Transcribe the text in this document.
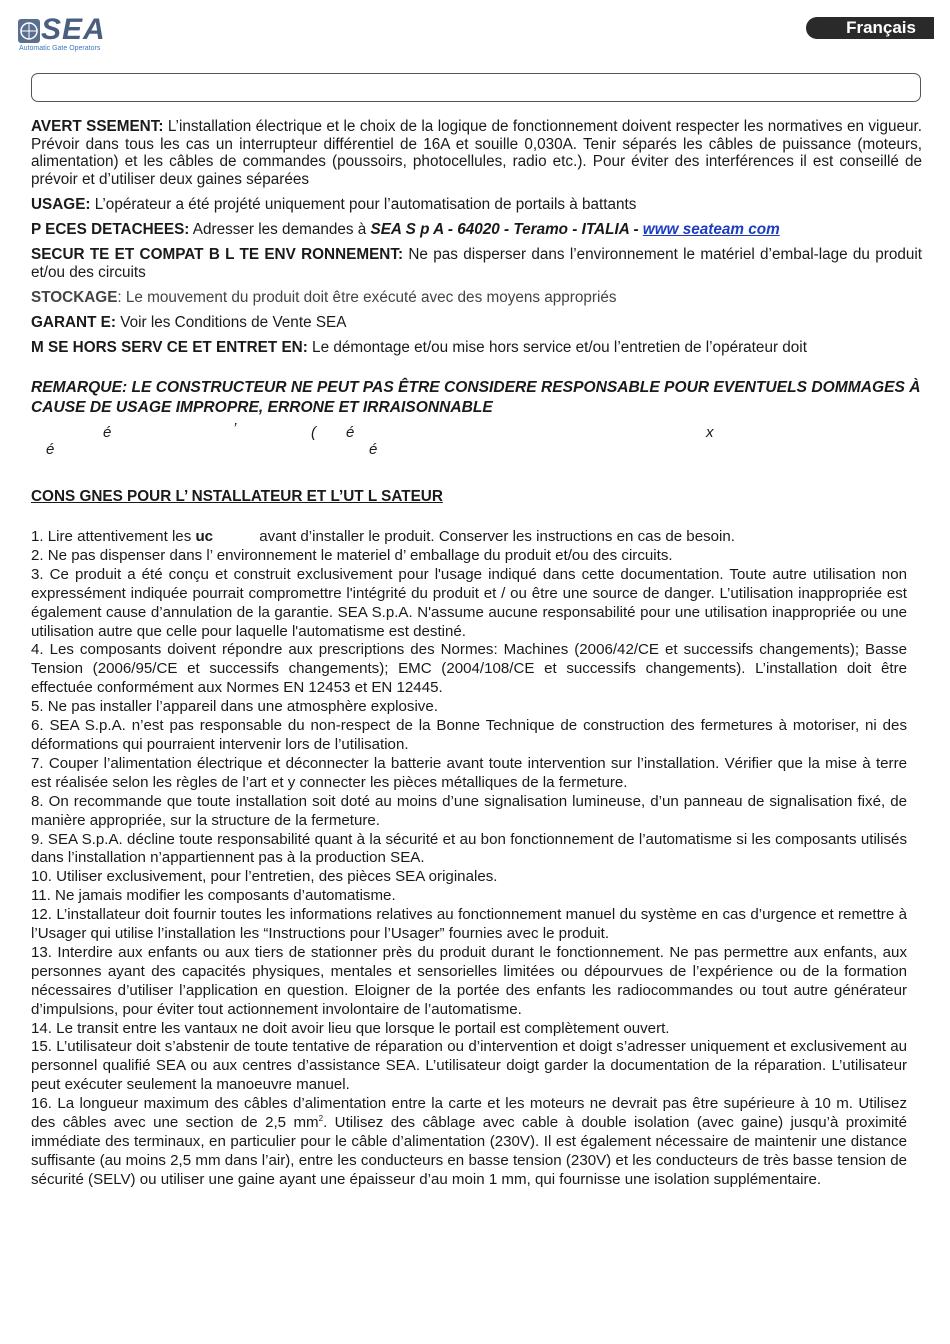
SEA
Automatic Gate Operators
Français
AVERT SSEMENT: L’installation électrique et le choix de la logique de fonctionnement doivent respecter les normatives en vigueur. Prévoir dans tous les cas un interrupteur différentiel de 16A et souille 0,030A. Tenir séparés les câbles de puissance (moteurs, alimentation) et les câbles de commandes (poussoirs, photocellules, radio etc.). Pour éviter des interférences il est conseillé de prévoir et d’utiliser deux gaines séparées
USAGE: L’opérateur a été projété uniquement pour l’automatisation de portails à battants
P ECES DETACHEES: Adresser les demandes à SEA S p A - 64020 - Teramo - ITALIA - www seateam com
SECUR TE ET COMPAT B L TE ENV RONNEMENT: Ne pas disperser dans l’environnement le matériel d’embal-lage du produit et/ou des circuits
STOCKAGE: Le mouvement du produit doit être exécuté avec des moyens appropriés
GARANT E: Voir les Conditions de Vente SEA
M SE HORS SERV CE ET ENTRET EN: Le démontage et/ou mise hors service et/ou l’entretien de l’opérateur doit
REMARQUE: LE CONSTRUCTEUR NE PEUT PAS ÊTRE CONSIDERE RESPONSABLE POUR EVENTUELS DOMMAGES À CAUSE DE USAGE IMPROPRE, ERRONE ET IRRAISONNABLE
é	’	( é	x
é	é
CONS GNES POUR L’ NSTALLATEUR ET L’UT L SATEUR
1. Lire attentivement les uc	avant d’installer le produit. Conserver les instructions en cas de besoin.
2. Ne pas dispenser dans l’ environnement le materiel d’ emballage du produit et/ou des circuits.
3. Ce produit a été conçu et construit exclusivement pour l'usage indiqué dans cette documentation. Toute autre utilisation non expressément indiquée pourrait compromettre l'intégrité du produit et / ou être une source de danger. L’utilisation inappropriée est également cause d’annulation de la garantie. SEA S.p.A. N'assume aucune responsabilité pour une utilisation inappropriée ou une utilisation autre que celle pour laquelle l'automatisme est destiné.
4. Les composants doivent répondre aux prescriptions des Normes: Machines (2006/42/CE et successifs changements); Basse Tension (2006/95/CE et successifs changements); EMC (2004/108/CE et successifs changements). L’installation doit être effectuée conformément aux Normes EN 12453 et EN 12445.
5. Ne pas installer l’appareil dans une atmosphère explosive.
6. SEA S.p.A. n’est pas responsable du non-respect de la Bonne Technique de construction des fermetures à motoriser, ni des déformations qui pourraient intervenir lors de l’utilisation.
7. Couper l’alimentation électrique et déconnecter la batterie avant toute intervention sur l’installation. Vérifier que la mise à terre est réalisée selon les règles de l’art et y connecter les pièces métalliques de la fermeture.
8. On recommande que toute installation soit doté au moins d’une signalisation lumineuse, d’un panneau de signalisation fixé, de manière appropriée, sur la structure de la fermeture.
9. SEA S.p.A. décline toute responsabilité quant à la sécurité et au bon fonctionnement de l’automatisme si les composants utilisés dans l’installation n’appartiennent pas à la production SEA.
10. Utiliser exclusivement, pour l’entretien, des pièces SEA originales.
11. Ne jamais modifier les composants d’automatisme.
12. L’installateur doit fournir toutes les informations relatives au fonctionnement manuel du système en cas d’urgence et remettre à l’Usager qui utilise l’installation les “Instructions pour l’Usager” fournies avec le produit.
13. Interdire aux enfants ou aux tiers de stationner près du produit durant le fonctionnement. Ne pas permettre aux enfants, aux personnes ayant des capacités physiques, mentales et sensorielles limitées ou dépourvues de l’expérience ou de la formation nécessaires d’utiliser l’application en question. Eloigner de la portée des enfants les radiocommandes ou tout autre générateur d’impulsions, pour éviter tout actionnement involontaire de l’automatisme.
14. Le transit entre les vantaux ne doit avoir lieu que lorsque le portail est complètement ouvert.
15. L’utilisateur doit s’abstenir de toute tentative de réparation ou d’intervention et doigt s’adresser uniquement et exclusivement au personnel qualifié SEA ou aux centres d’assistance SEA. L’utilisateur doigt garder la documentation de la réparation. L’utilisateur peut exécuter seulement la manoeuvre manuel.
16. La longueur maximum des câbles d’alimentation entre la carte et les moteurs ne devrait pas être supérieure à 10 m. Utilisez des câbles avec une section de 2,5 $mm^2$. Utilisez des câblage avec cable à double isolation (avec gaine) jusqu’à proximité immédiate des terminaux, en particulier pour le câble d’alimentation (230V). Il est également nécessaire de maintenir une distance suffisante (au moins 2,5 mm dans l’air), entre les conducteurs en basse tension (230V) et les conducteurs de très basse tension de sécurité (SELV) ou utiliser une gaine ayant une épaisseur d’au moin 1 mm, qui fournisse une isolation supplémentaire.
